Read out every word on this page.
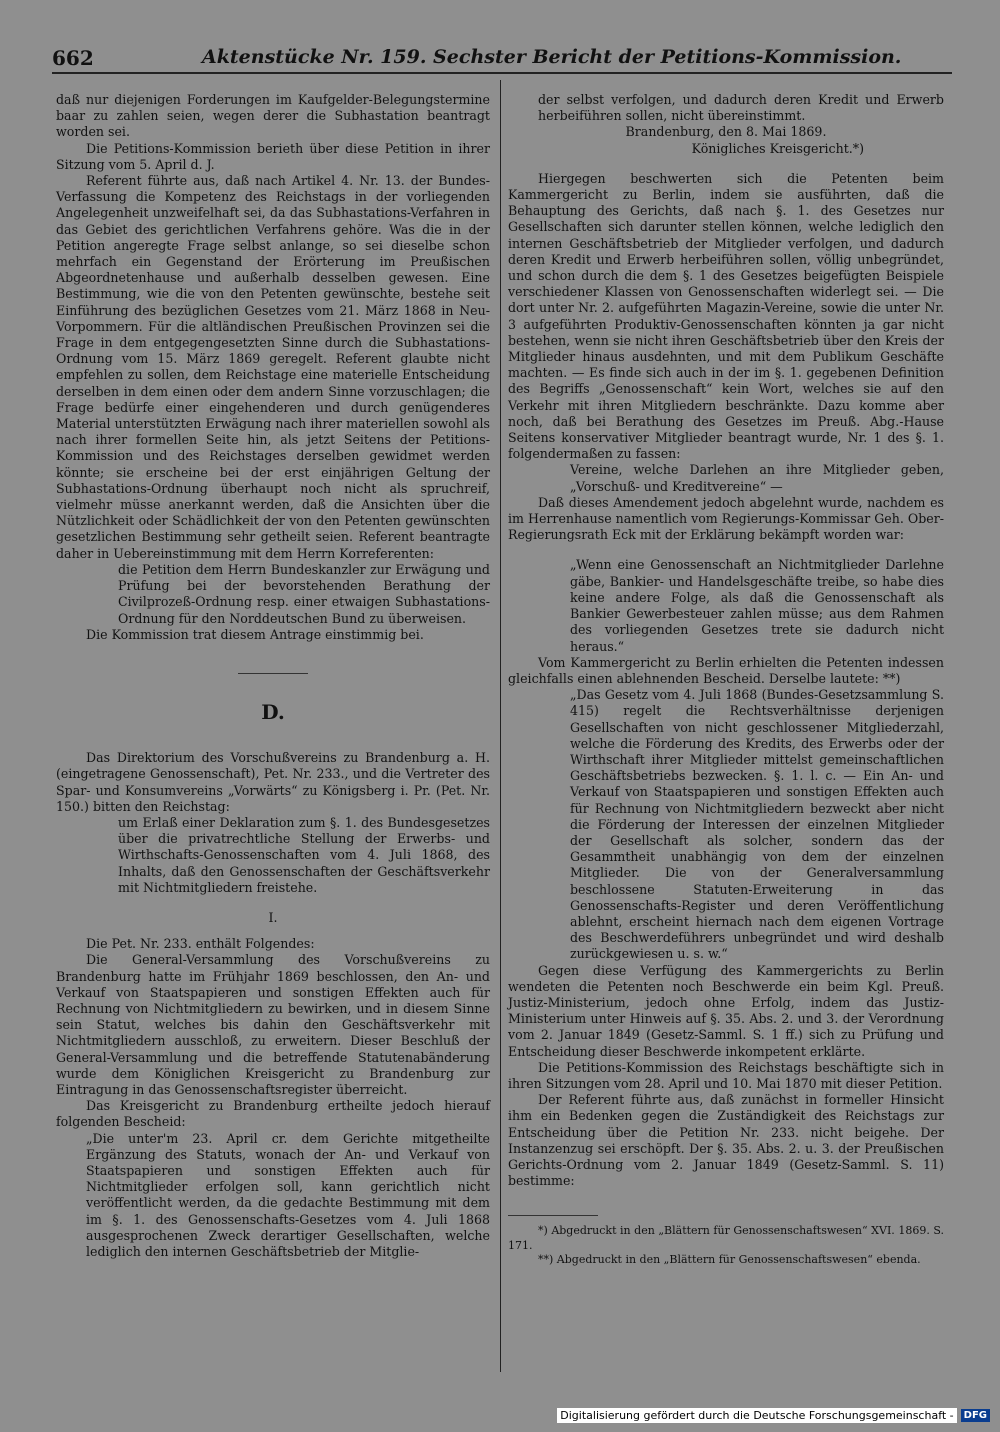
662	Aktenstücke Nr. 159. Sechster Bericht der Petitions-Kommission.

daß nur diejenigen Forderungen im Kaufgelder-Belegungstermine baar zu zahlen seien, wegen derer die Subhastation beantragt worden sei.

Die Petitions-Kommission berieth über diese Petition in ihrer Sitzung vom 5. April d. J.

Referent führte aus, daß nach Artikel 4. Nr. 13. der Bundes-Verfassung die Kompetenz des Reichstags in der vorliegenden Angelegenheit unzweifelhaft sei, da das Subhastations-Verfahren in das Gebiet des gerichtlichen Verfahrens gehöre. Was die in der Petition angeregte Frage selbst anlange, so sei dieselbe schon mehrfach ein Gegenstand der Erörterung im Preußischen Abgeordnetenhause und außerhalb desselben gewesen. Eine Bestimmung, wie die von den Petenten gewünschte, bestehe seit Einführung des bezüglichen Gesetzes vom 21. März 1868 in Neu-Vorpommern. Für die altländischen Preußischen Provinzen sei die Frage in dem entgegengesetzten Sinne durch die Subhastations-Ordnung vom 15. März 1869 geregelt. Referent glaubte nicht empfehlen zu sollen, dem Reichstage eine materielle Entscheidung derselben in dem einen oder dem andern Sinne vorzuschlagen; die Frage bedürfe einer eingehenderen und durch genügenderes Material unterstützten Erwägung nach ihrer materiellen sowohl als nach ihrer formellen Seite hin, als jetzt Seitens der Petitions-Kommission und des Reichstages derselben gewidmet werden könnte; sie erscheine bei der erst einjährigen Geltung der Subhastations-Ordnung überhaupt noch nicht als spruchreif, vielmehr müsse anerkannt werden, daß die Ansichten über die Nützlichkeit oder Schädlichkeit der von den Petenten gewünschten gesetzlichen Bestimmung sehr getheilt seien. Referent beantragte daher in Uebereinstimmung mit dem Herrn Korreferenten:

die Petition dem Herrn Bundeskanzler zur Erwägung und Prüfung bei der bevorstehenden Berathung der Civilprozeß-Ordnung resp. einer etwaigen Subhastations-Ordnung für den Norddeutschen Bund zu überweisen.

Die Kommission trat diesem Antrage einstimmig bei.

D.

Das Direktorium des Vorschußvereins zu Brandenburg a. H. (eingetragene Genossenschaft), Pet. Nr. 233., und die Vertreter des Spar- und Konsumvereins „Vorwärts“ zu Königsberg i. Pr. (Pet. Nr. 150.) bitten den Reichstag:

um Erlaß einer Deklaration zum §. 1. des Bundesgesetzes über die privatrechtliche Stellung der Erwerbs- und Wirthschafts-Genossenschaften vom 4. Juli 1868, des Inhalts, daß den Genossenschaften der Geschäftsverkehr mit Nichtmitgliedern freistehe.

I.

Die Pet. Nr. 233. enthält Folgendes:

Die General-Versammlung des Vorschußvereins zu Brandenburg hatte im Frühjahr 1869 beschlossen, den An- und Verkauf von Staatspapieren und sonstigen Effekten auch für Rechnung von Nichtmitgliedern zu bewirken, und in diesem Sinne sein Statut, welches bis dahin den Geschäftsverkehr mit Nichtmitgliedern ausschloß, zu erweitern. Dieser Beschluß der General-Versammlung und die betreffende Statutenabänderung wurde dem Königlichen Kreisgericht zu Brandenburg zur Eintragung in das Genossenschaftsregister überreicht.

Das Kreisgericht zu Brandenburg ertheilte jedoch hierauf folgenden Bescheid:

„Die unter'm 23. April cr. dem Gerichte mitgetheilte Ergänzung des Statuts, wonach der An- und Verkauf von Staatspapieren und sonstigen Effekten auch für Nichtmitglieder erfolgen soll, kann gerichtlich nicht veröffentlicht werden, da die gedachte Bestimmung mit dem im §. 1. des Genossenschafts-Gesetzes vom 4. Juli 1868 ausgesprochenen Zweck derartiger Gesellschaften, welche lediglich den internen Geschäftsbetrieb der Mitglie-

der selbst verfolgen, und dadurch deren Kredit und Erwerb herbeiführen sollen, nicht übereinstimmt.

Brandenburg, den 8. Mai 1869.

Königliches Kreisgericht.*)

Hiergegen beschwerten sich die Petenten beim Kammergericht zu Berlin, indem sie ausführten, daß die Behauptung des Gerichts, daß nach §. 1. des Gesetzes nur Gesellschaften sich darunter stellen können, welche lediglich den internen Geschäftsbetrieb der Mitglieder verfolgen, und dadurch deren Kredit und Erwerb herbeiführen sollen, völlig unbegründet, und schon durch die dem §. 1 des Gesetzes beigefügten Beispiele verschiedener Klassen von Genossenschaften widerlegt sei. — Die dort unter Nr. 2. aufgeführten Magazin-Vereine, sowie die unter Nr. 3 aufgeführten Produktiv-Genossenschaften könnten ja gar nicht bestehen, wenn sie nicht ihren Geschäftsbetrieb über den Kreis der Mitglieder hinaus ausdehnten, und mit dem Publikum Geschäfte machten. — Es finde sich auch in der im §. 1. gegebenen Definition des Begriffs „Genossenschaft“ kein Wort, welches sie auf den Verkehr mit ihren Mitgliedern beschränkte. Dazu komme aber noch, daß bei Berathung des Gesetzes im Preuß. Abg.-Hause Seitens konservativer Mitglieder beantragt wurde, Nr. 1 des §. 1. folgendermaßen zu fassen:

Vereine, welche Darlehen an ihre Mitglieder geben, „Vorschuß- und Kreditvereine“ —

Daß dieses Amendement jedoch abgelehnt wurde, nachdem es im Herrenhause namentlich vom Regierungs-Kommissar Geh. Ober-Regierungsrath Eck mit der Erklärung bekämpft worden war:

„Wenn eine Genossenschaft an Nichtmitglieder Darlehne gäbe, Bankier- und Handelsgeschäfte treibe, so habe dies keine andere Folge, als daß die Genossenschaft als Bankier Gewerbesteuer zahlen müsse; aus dem Rahmen des vorliegenden Gesetzes trete sie dadurch nicht heraus.“

Vom Kammergericht zu Berlin erhielten die Petenten indessen gleichfalls einen ablehnenden Bescheid. Derselbe lautete: **)

„Das Gesetz vom 4. Juli 1868 (Bundes-Gesetzsammlung S. 415) regelt die Rechtsverhältnisse derjenigen Gesellschaften von nicht geschlossener Mitgliederzahl, welche die Förderung des Kredits, des Erwerbs oder der Wirthschaft ihrer Mitglieder mittelst gemeinschaftlichen Geschäftsbetriebs bezwecken. §. 1. l. c. — Ein An- und Verkauf von Staatspapieren und sonstigen Effekten auch für Rechnung von Nichtmitgliedern bezweckt aber nicht die Förderung der Interessen der einzelnen Mitglieder der Gesellschaft als solcher, sondern das der Gesammtheit unabhängig von dem der einzelnen Mitglieder. Die von der Generalversammlung beschlossene Statuten-Erweiterung in das Genossenschafts-Register und deren Veröffentlichung ablehnt, erscheint hiernach nach dem eigenen Vortrage des Beschwerdeführers unbegründet und wird deshalb zurückgewiesen u. s. w.“

Gegen diese Verfügung des Kammergerichts zu Berlin wendeten die Petenten noch Beschwerde ein beim Kgl. Preuß. Justiz-Ministerium, jedoch ohne Erfolg, indem das Justiz-Ministerium unter Hinweis auf §. 35. Abs. 2. und 3. der Verordnung vom 2. Januar 1849 (Gesetz-Samml. S. 1 ff.) sich zu Prüfung und Entscheidung dieser Beschwerde inkompetent erklärte.

Die Petitions-Kommission des Reichstags beschäftigte sich in ihren Sitzungen vom 28. April und 10. Mai 1870 mit dieser Petition.

Der Referent führte aus, daß zunächst in formeller Hinsicht ihm ein Bedenken gegen die Zuständigkeit des Reichstags zur Entscheidung über die Petition Nr. 233. nicht beigehe. Der Instanzenzug sei erschöpft. Der §. 35. Abs. 2. u. 3. der Preußischen Gerichts-Ordnung vom 2. Januar 1849 (Gesetz-Samml. S. 11) bestimme:

*) Abgedruckt in den „Blättern für Genossenschaftswesen“ XVI. 1869. S. 171.

**) Abgedruckt in den „Blättern für Genossenschaftswesen“ ebenda.

Digitalisierung gefördert durch die Deutsche Forschungsgemeinschaft -	DFG
